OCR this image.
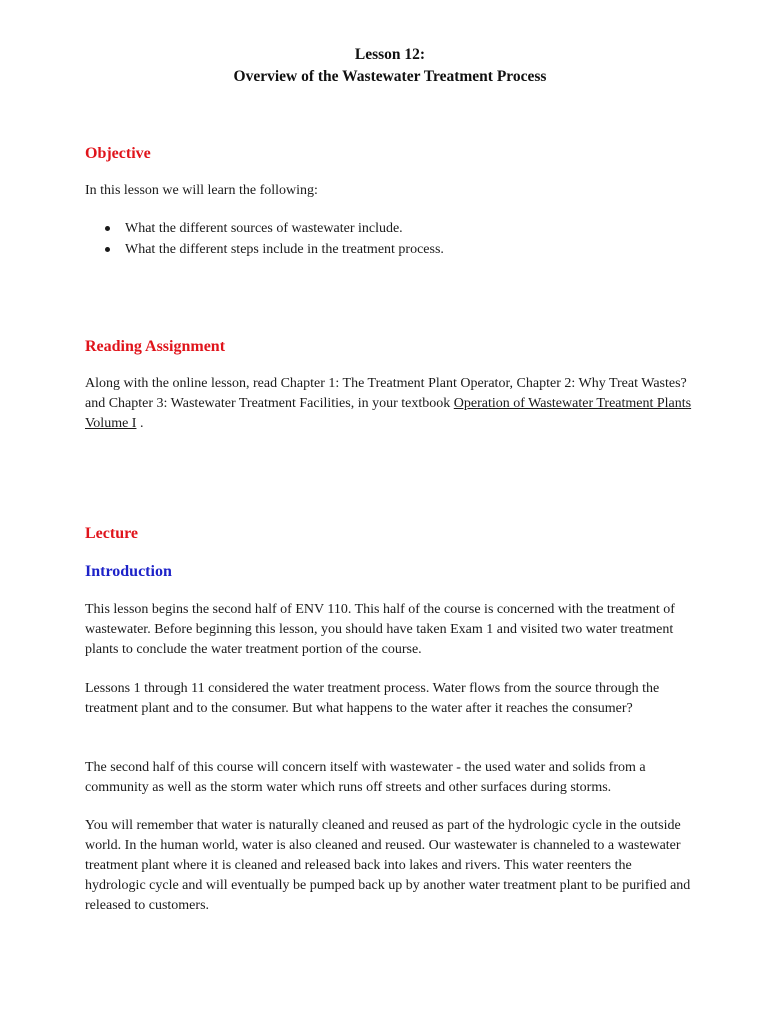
Lesson 12:

Overview of the Wastewater Treatment Process

Objective

In this lesson we will learn the following:

What the different sources of wastewater include.
What the different steps include in the treatment process.
Reading Assignment

Along with the online lesson, read Chapter 1: The Treatment Plant Operator, Chapter 2: Why Treat Wastes? and Chapter 3: Wastewater Treatment Facilities, in your textbook Operation of Wastewater Treatment Plants Volume I .

Lecture
Introduction

This lesson begins the second half of ENV 110. This half of the course is concerned with the treatment of wastewater. Before beginning this lesson, you should have taken Exam 1 and visited two water treatment plants to conclude the water treatment portion of the course.

Lessons 1 through 11 considered the water treatment process. Water flows from the source through the treatment plant and to the consumer. But what happens to the water after it reaches the consumer?

The second half of this course will concern itself with wastewater - the used water and solids from a community as well as the storm water which runs off streets and other surfaces during storms.

You will remember that water is naturally cleaned and reused as part of the hydrologic cycle in the outside world. In the human world, water is also cleaned and reused. Our wastewater is channeled to a wastewater treatment plant where it is cleaned and released back into lakes and rivers. This water reenters the hydrologic cycle and will eventually be pumped back up by another water treatment plant to be purified and released to customers.
